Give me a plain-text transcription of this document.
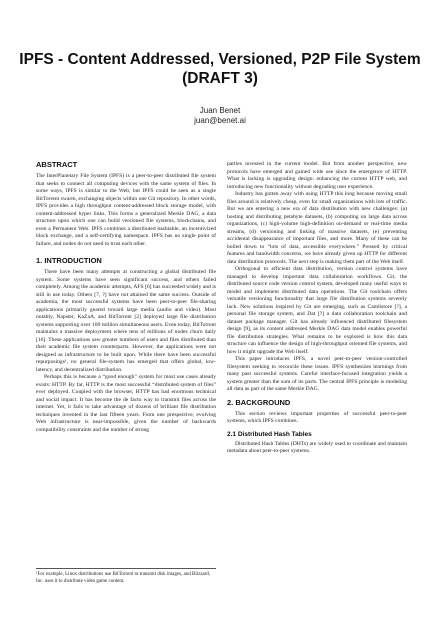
IPFS - Content Addressed, Versioned, P2P File System
(DRAFT 3)
Juan Benet
juan@benet.ai
ABSTRACT

The InterPlanetary File System (IPFS) is a peer-to-peer distributed file system that seeks to connect all computing devices with the same system of files. In some ways, IPFS is similar to the Web, but IPFS could be seen as a single BitTorrent swarm, exchanging objects within one Git repository. In other words, IPFS provides a high throughput content-addressed block storage model, with content-addressed hyper links. This forms a generalized Merkle DAG, a data structure upon which one can build versioned file systems, blockchains, and even a Permanent Web. IPFS combines a distributed hashtable, an incentivized block exchange, and a self-certifying namespace. IPFS has no single point of failure, and nodes do not need to trust each other.

1. INTRODUCTION

There have been many attempts at constructing a global distributed file system. Some systems have seen significant success, and others failed completely. Among the academic attempts, AFS [6] has succeeded widely and is still in use today. Others [7, ?] have not attained the same success. Outside of academia, the most successful systems have been peer-to-peer file-sharing applications primarily geared toward large media (audio and video). Most notably, Napster, KaZaA, and BitTorrent [2] deployed large file distribution systems supporting over 100 million simultaneous users. Even today, BitTorrent maintains a massive deployment where tens of millions of nodes churn daily [16]. These applications saw greater numbers of users and files distributed than their academic file system counterparts. However, the applications were not designed as infrastructure to be built upon. While there have been successful repurposings¹, no general file-system has emerged that offers global, low-latency, and decentralized distribution.

Perhaps this is because a “good enough” system for most use cases already exists: HTTP. By far, HTTP is the most successful “distributed system of files” ever deployed. Coupled with the browser, HTTP has had enormous technical and social impact. It has become the de facto way to transmit files across the internet. Yet, it fails to take advantage of dozens of brilliant file distribution techniques invented in the last fifteen years. From one prespective, evolving Web infrastructure is near-impossible, given the number of backwards compatibility constraints and the number of strong

parties invested in the current model. But from another perspective, new protocols have emerged and gained wide use since the emergence of HTTP. What is lacking is upgrading design: enhancing the current HTTP web, and introducing new functionality without degrading user experience.

Industry has gotten away with using HTTP this long because moving small files around is relatively cheap, even for small organizations with lots of traffic. But we are entering a new era of data distribution with new challenges: (a) hosting and distributing petabyte datasets, (b) computing on large data across organizations, (c) high-volume high-definition on-demand or real-time media streams, (d) versioning and linking of massive datasets, (e) preventing accidental disappearance of important files, and more. Many of these can be boiled down to “lots of data, accessible everywhere.” Pressed by critical features and bandwidth concerns, we have already given up HTTP for different data distribution protocols. The next step is making them part of the Web itself.

Orthogonal to efficient data distribution, version control systems have managed to develop important data collaboration workflows. Git, the distributed source code version control system, developed many useful ways to model and implement distributed data operations. The Git toolchain offers versatile versioning functionality that large file distribution systems severely lack. New solutions inspired by Git are emerging, such as Camlistore [?], a personal file storage system, and Dat [?] a data collaboration toolchain and dataset package manager. Git has already influenced distributed filesystem design [9], as its content addressed Merkle DAG data model enables powerful file distribution strategies. What remains to be explored is how this data structure can influence the design of high-throughput oriented file systems, and how it might upgrade the Web itself.

This paper introduces IPFS, a novel peer-to-peer version-controlled filesystem seeking to reconcile these issues. IPFS synthesizes learnings from many past successful systems. Careful interface-focused integration yields a system greater than the sum of its parts. The central IPFS principle is modeling all data as part of the same Merkle DAG.

2. BACKGROUND

This section reviews important properties of successful peer-to-peer systems, which IPFS combines.

2.1 Distributed Hash Tables

Distributed Hash Tables (DHTs) are widely used to coordinate and maintain metadata about peer-to-peer systems.

¹For example, Linux distributions use BitTorrent to transmit disk images, and Blizzard, Inc. uses it to distribute video game content.
